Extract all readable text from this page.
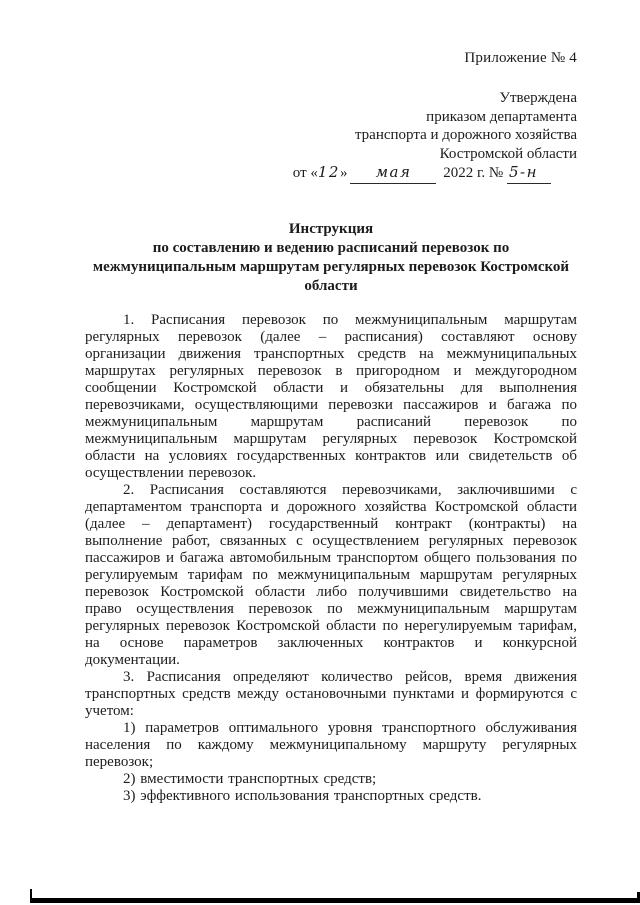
Приложение № 4
Утверждена
приказом департамента
транспорта и дорожного хозяйства
Костромской области
от «12» мая 2022 г. № 5-н
Инструкция
по составлению и ведению расписаний перевозок по межмуниципальным маршрутам регулярных перевозок Костромской области

1. Расписания перевозок по межмуниципальным маршрутам регулярных перевозок (далее – расписания) составляют основу организации движения транспортных средств на межмуниципальных маршрутах регулярных перевозок в пригородном и междугородном сообщении Костромской области и обязательны для выполнения перевозчиками, осуществляющими перевозки пассажиров и багажа по межмуниципальным маршрутам расписаний перевозок по межмуниципальным маршрутам регулярных перевозок Костромской области на условиях государственных контрактов или свидетельств об осуществлении перевозок.

2. Расписания составляются перевозчиками, заключившими с департаментом транспорта и дорожного хозяйства Костромской области (далее – департамент) государственный контракт (контракты) на выполнение работ, связанных с осуществлением регулярных перевозок пассажиров и багажа автомобильным транспортом общего пользования по регулируемым тарифам по межмуниципальным маршрутам регулярных перевозок Костромской области либо получившими свидетельство на право осуществления перевозок по межмуниципальным маршрутам регулярных перевозок Костромской области по нерегулируемым тарифам, на основе параметров заключенных контрактов и конкурсной документации.

3. Расписания определяют количество рейсов, время движения транспортных средств между остановочными пунктами и формируются с учетом:

1) параметров оптимального уровня транспортного обслуживания населения по каждому межмуниципальному маршруту регулярных перевозок;

2) вместимости транспортных средств;

3) эффективного использования транспортных средств.
